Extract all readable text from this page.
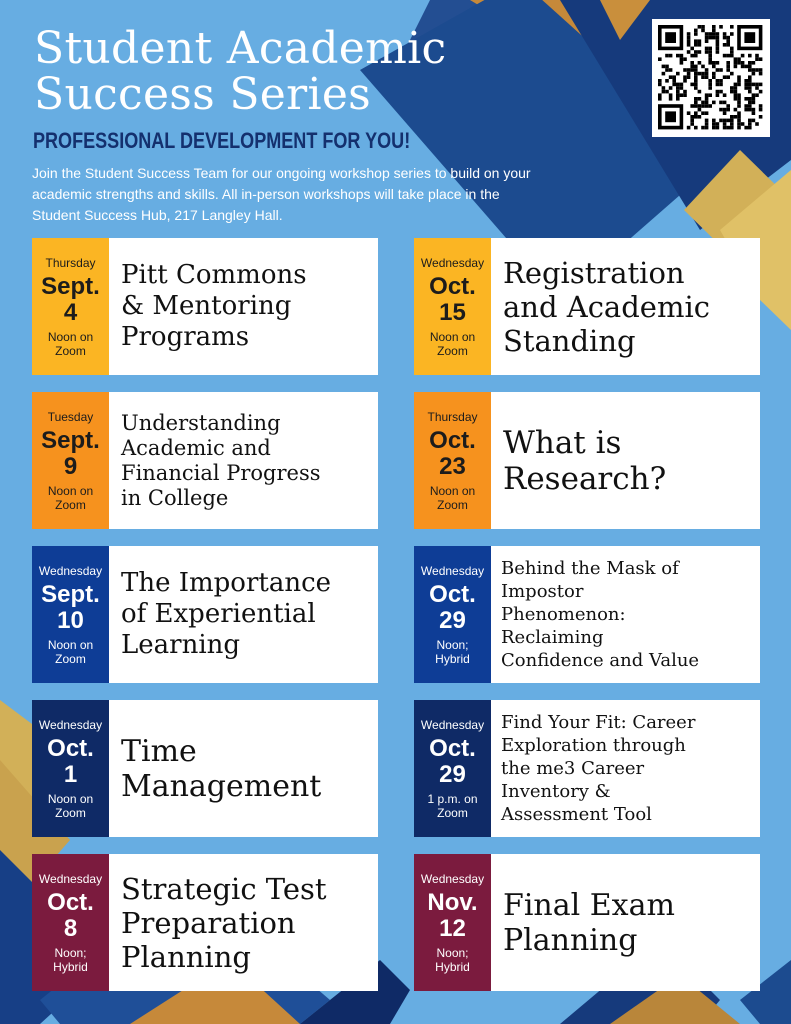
Student Academic
Success Series
PROFESSIONAL DEVELOPMENT FOR YOU!
Join the Student Success Team for our ongoing workshop series to build on your academic strengths and skills. All in-person workshops will take place in the Student Success Hub, 217 Langley Hall.
Thursday
Sept.
4
Noon on Zoom

Pitt Commons
& Mentoring
Programs

Tuesday
Sept.
9
Noon on Zoom

Understanding
Academic and
Financial Progress
in College

Wednesday
Sept.
10
Noon on Zoom

The Importance
of Experiential
Learning

Wednesday
Oct.
1
Noon on Zoom

Time
Management

Wednesday
Oct.
8
Noon; Hybrid

Strategic Test
Preparation
Planning

Wednesday
Oct.
15
Noon on Zoom

Registration
and Academic
Standing

Thursday
Oct.
23
Noon on Zoom

What is
Research?

Wednesday
Oct.
29
Noon; Hybrid

Behind the Mask of
Impostor
Phenomenon:
Reclaiming
Confidence and Value

Wednesday
Oct.
29
1 p.m. on Zoom

Find Your Fit: Career
Exploration through
the me3 Career
Inventory &
Assessment Tool

Wednesday
Nov.
12
Noon; Hybrid

Final Exam
Planning
